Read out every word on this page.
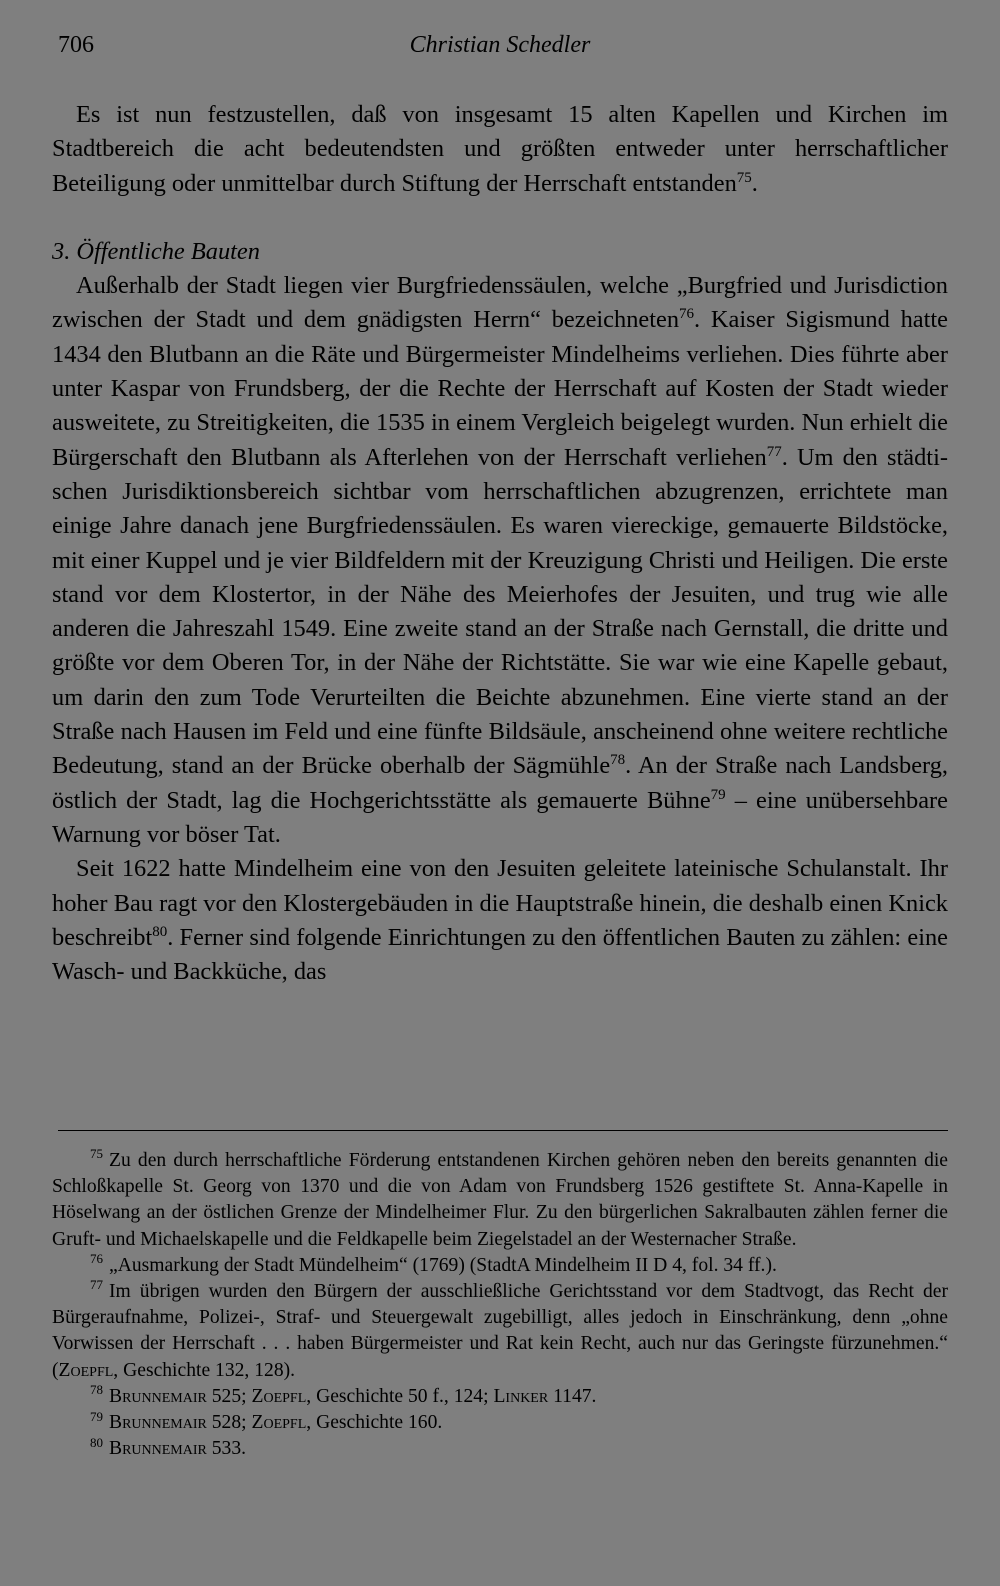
706	Christian Schedler

Es ist nun festzustellen, daß von insgesamt 15 alten Kapellen und Kirchen im Stadtbereich die acht bedeutendsten und größten entweder unter herrschaftlicher Beteiligung oder unmittelbar durch Stiftung der Herrschaft entstanden$^{75}$.

3. Öffentliche Bauten

Außerhalb der Stadt liegen vier Burgfriedenssäulen, welche „Burgfried und Jurisdiction zwischen der Stadt und dem gnädigsten Herrn“ bezeichneten$^{76}$. Kaiser Sigismund hatte 1434 den Blutbann an die Räte und Bürgermeister Mindelheims verliehen. Dies führte aber unter Kaspar von Frundsberg, der die Rechte der Herrschaft auf Kosten der Stadt wieder ausweitete, zu Streitigkeiten, die 1535 in einem Vergleich beigelegt wurden. Nun erhielt die Bürgerschaft den Blutbann als Afterlehen von der Herrschaft verliehen$^{77}$. Um den städtischen Jurisdiktionsbereich sichtbar vom herrschaftlichen abzugrenzen, errichtete man einige Jahre danach jene Burgfriedenssäulen. Es waren viereckige, gemauerte Bildstöcke, mit einer Kuppel und je vier Bildfeldern mit der Kreuzigung Christi und Heiligen. Die erste stand vor dem Klostertor, in der Nähe des Meierhofes der Jesuiten, und trug wie alle anderen die Jahreszahl 1549. Eine zweite stand an der Straße nach Gernstall, die dritte und größte vor dem Oberen Tor, in der Nähe der Richtstätte. Sie war wie eine Kapelle gebaut, um darin den zum Tode Verurteilten die Beichte abzunehmen. Eine vierte stand an der Straße nach Hausen im Feld und eine fünfte Bildsäule, anscheinend ohne weitere rechtliche Bedeutung, stand an der Brücke oberhalb der Sägmühle$^{78}$. An der Straße nach Landsberg, östlich der Stadt, lag die Hochgerichtsstätte als gemauerte Bühne$^{79}$ – eine unübersehbare Warnung vor böser Tat.

Seit 1622 hatte Mindelheim eine von den Jesuiten geleitete lateinische Schulanstalt. Ihr hoher Bau ragt vor den Klostergebäuden in die Hauptstraße hinein, die deshalb einen Knick beschreibt$^{80}$. Ferner sind folgende Einrichtungen zu den öffentlichen Bauten zu zählen: eine Wasch- und Backküche, das

$^{75}$ Zu den durch herrschaftliche Förderung entstandenen Kirchen gehören neben den bereits genannten die Schloßkapelle St. Georg von 1370 und die von Adam von Frundsberg 1526 gestiftete St. Anna-Kapelle in Höselwang an der östlichen Grenze der Mindelheimer Flur. Zu den bürgerlichen Sakralbauten zählen ferner die Gruft- und Michaelskapelle und die Feldkapelle beim Ziegelstadel an der Westernacher Straße.

$^{76}$ „Ausmarkung der Stadt Mündelheim“ (1769) (StadtA Mindelheim II D 4, fol. 34 ff.).

$^{77}$ Im übrigen wurden den Bürgern der ausschließliche Gerichtsstand vor dem Stadtvogt, das Recht der Bürgeraufnahme, Polizei-, Straf- und Steuergewalt zugebilligt, alles jedoch in Einschränkung, denn „ohne Vorwissen der Herrschaft . . . haben Bürgermeister und Rat kein Recht, auch nur das Geringste fürzunehmen.“ (Zoepfl, Geschichte 132, 128).

$^{78}$ Brunnemair 525; Zoepfl, Geschichte 50 f., 124; Linker 1147.

$^{79}$ Brunnemair 528; Zoepfl, Geschichte 160.

$^{80}$ Brunnemair 533.
